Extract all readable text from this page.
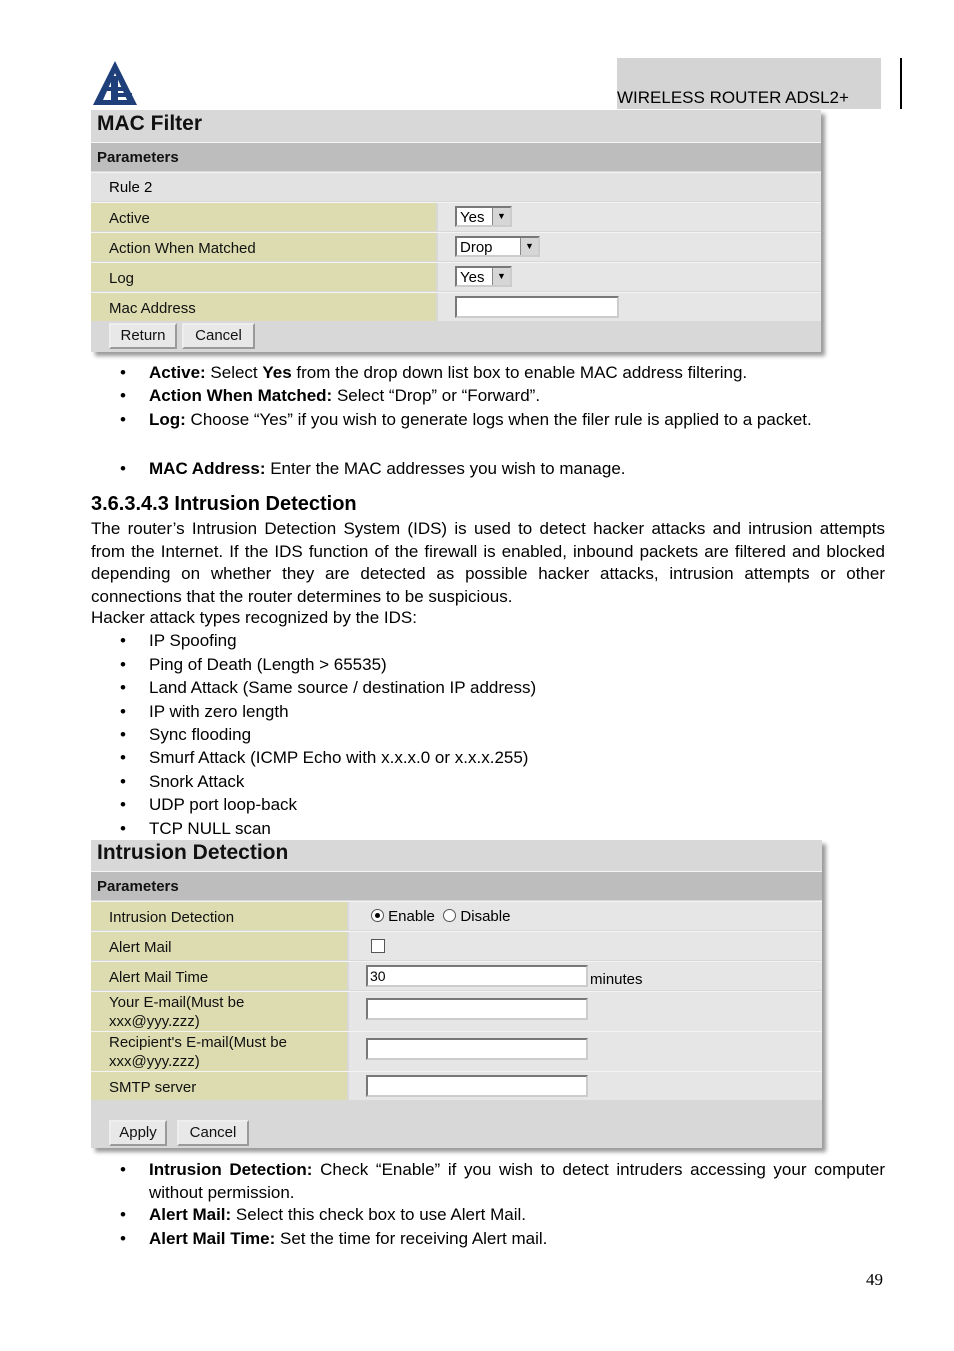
WIRELESS ROUTER ADSL2+
MAC Filter
Parameters
Rule 2
Active	Yes	▼
Action When Matched	Drop	▼
Log	Yes	▼
Mac Address
Return	Cancel
• Active: Select Yes from the drop down list box to enable MAC address filtering.
• Action When Matched: Select “Drop” or “Forward”.
• Log: Choose “Yes” if you wish to generate logs when the filer rule is applied to a packet.
• MAC Address: Enter the MAC addresses you wish to manage.
3.6.3.4.3 Intrusion Detection
The router’s Intrusion Detection System (IDS) is used to detect hacker attacks and intrusion attempts from the Internet. If the IDS function of the firewall is enabled, inbound packets are filtered and blocked depending on whether they are detected as possible hacker attacks, intrusion attempts or other connections that the router determines to be suspicious.
Hacker attack types recognized by the IDS:
• IP Spoofing
• Ping of Death (Length > 65535)
• Land Attack (Same source / destination IP address)
• IP with zero length
• Sync flooding
• Smurf Attack (ICMP Echo with x.x.x.0 or x.x.x.255)
• Snork Attack
• UDP port loop-back
• TCP NULL scan
Intrusion Detection
Parameters
Intrusion Detection	Enable Disable
Alert Mail
Alert Mail Time	30	minutes
Your E-mail(Must be
xxx@yyy.zzz)
Recipient's E-mail(Must be
xxx@yyy.zzz)
SMTP server
Apply	Cancel
• Intrusion Detection: Check “Enable” if you wish to detect intruders accessing your computer without permission.
• Alert Mail: Select this check box to use Alert Mail.
• Alert Mail Time: Set the time for receiving Alert mail.
49
